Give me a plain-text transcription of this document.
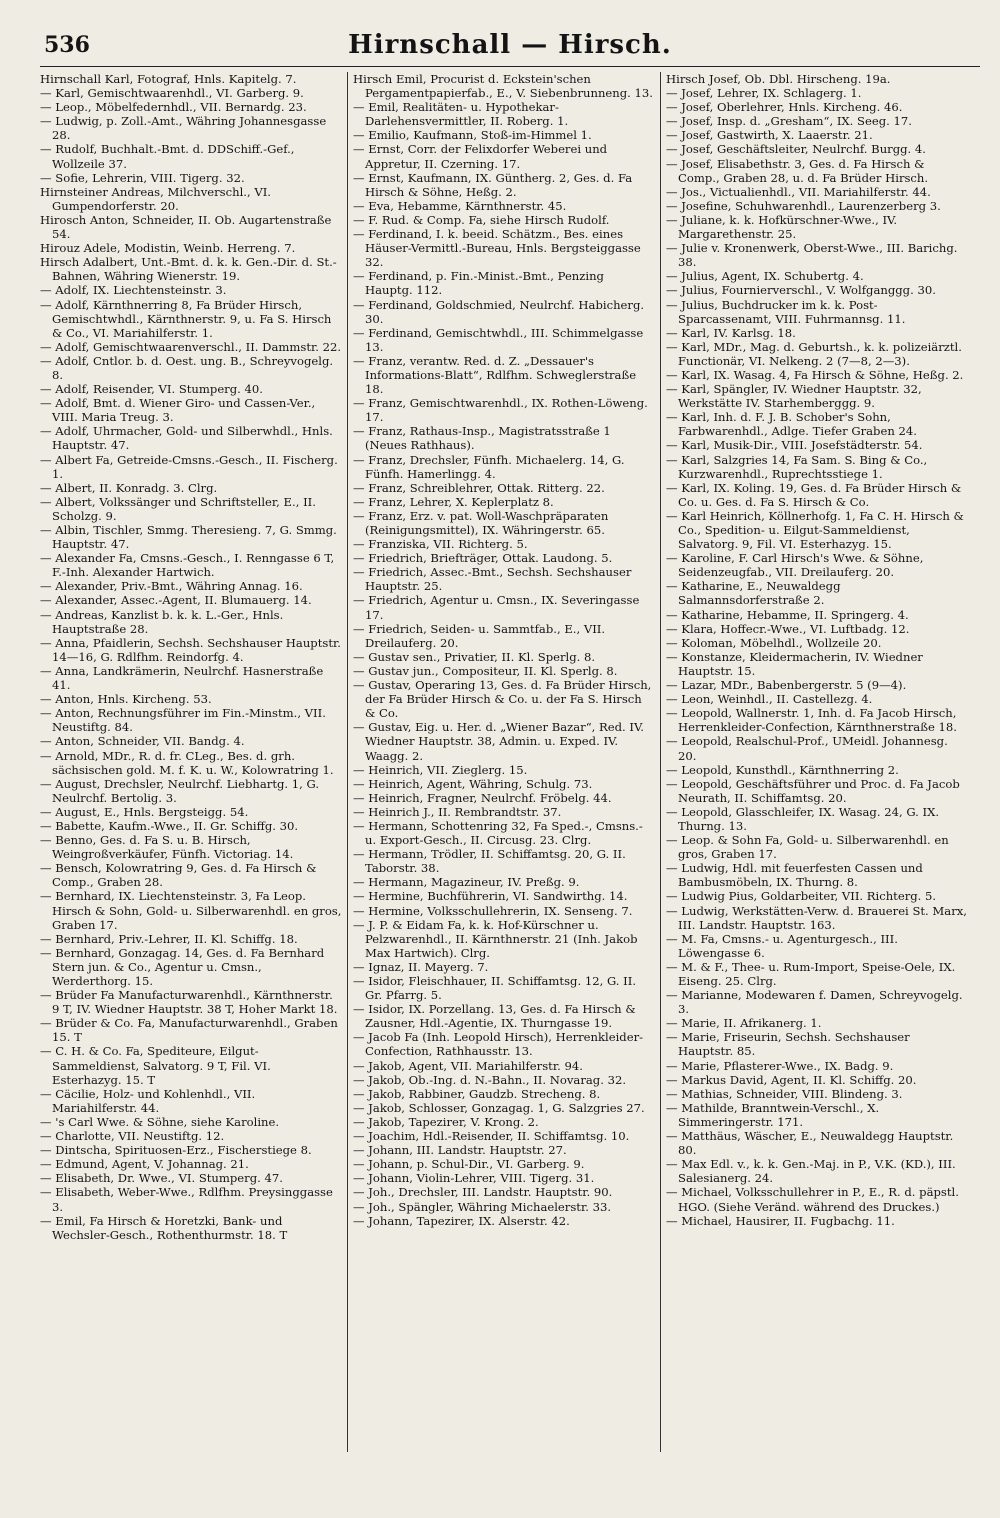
536	Hirnschall — Hirsch.
Hirnschall Karl, Fotograf, Hnls. Kapitelg. 7.
— Karl, Gemischtwaarenhdl., VI. Garberg. 9.
— Leop., Möbelfedernhdl., VII. Bernardg. 23.
— Ludwig, p. Zoll.-Amt., Währing Johannesgasse 28.
— Rudolf, Buchhalt.-Bmt. d. DDSchiff.-Gef., Wollzeile 37.
— Sofie, Lehrerin, VIII. Tigerg. 32.
Hirnsteiner Andreas, Milchverschl., VI. Gumpendorferstr. 20.
Hirosch Anton, Schneider, II. Ob. Augartenstraße 54.
Hirouz Adele, Modistin, Weinb. Herreng. 7.
Hirsch Adalbert, Unt.-Bmt. d. k. k. Gen.-Dir. d. St.-Bahnen, Währing Wienerstr. 19.
— Adolf, IX. Liechtensteinstr. 3.
— Adolf, Kärnthnerring 8, Fa Brüder Hirsch, Gemischtwhdl., Kärnthnerstr. 9, u. Fa S. Hirsch & Co., VI. Mariahilferstr. 1.
— Adolf, Gemischtwaarenverschl., II. Dammstr. 22.
— Adolf, Cntlor. b. d. Oest. ung. B., Schreyvogelg. 8.
— Adolf, Reisender, VI. Stumperg. 40.
— Adolf, Bmt. d. Wiener Giro- und Cassen-Ver., VIII. Maria Treug. 3.
— Adolf, Uhrmacher, Gold- und Silberwhdl., Hnls. Hauptstr. 47.
— Albert Fa, Getreide-Cmsns.-Gesch., II. Fischerg. 1.
— Albert, II. Konradg. 3. Clrg.
— Albert, Volkssänger und Schriftsteller, E., II. Scholzg. 9.
— Albin, Tischler, Smmg. Theresieng. 7, G. Smmg. Hauptstr. 47.
— Alexander Fa, Cmsns.-Gesch., I. Renngasse 6 T, F.-Inh. Alexander Hartwich.
— Alexander, Priv.-Bmt., Währing Annag. 16.
— Alexander, Assec.-Agent, II. Blumauerg. 14.
— Andreas, Kanzlist b. k. k. L.-Ger., Hnls. Hauptstraße 28.
— Anna, Pfaidlerin, Sechsh. Sechshauser Hauptstr. 14—16, G. Rdlfhm. Reindorfg. 4.
— Anna, Landkrämerin, Neulrchf. Hasnerstraße 41.
— Anton, Hnls. Kircheng. 53.
— Anton, Rechnungsführer im Fin.-Minstm., VII. Neustiftg. 84.
— Anton, Schneider, VII. Bandg. 4.
— Arnold, MDr., R. d. fr. CLeg., Bes. d. grh. sächsischen gold. M. f. K. u. W., Kolowratring 1.
— August, Drechsler, Neulrchf. Liebhartg. 1, G. Neulrchf. Bertolig. 3.
— August, E., Hnls. Bergsteigg. 54.
— Babette, Kaufm.-Wwe., II. Gr. Schiffg. 30.
— Benno, Ges. d. Fa S. u. B. Hirsch, Weingroßverkäufer, Fünfh. Victoriag. 14.
— Bensch, Kolowratring 9, Ges. d. Fa Hirsch & Comp., Graben 28.
— Bernhard, IX. Liechtensteinstr. 3, Fa Leop. Hirsch & Sohn, Gold- u. Silberwarenhdl. en gros, Graben 17.
— Bernhard, Priv.-Lehrer, II. Kl. Schiffg. 18.
— Bernhard, Gonzagag. 14, Ges. d. Fa Bernhard Stern jun. & Co., Agentur u. Cmsn., Werderthorg. 15.
— Brüder Fa Manufacturwarenhdl., Kärnthnerstr. 9 T, IV. Wiedner Hauptstr. 38 T, Hoher Markt 18.
— Brüder & Co. Fa, Manufacturwarenhdl., Graben 15. T
— C. H. & Co. Fa, Spediteure, Eilgut-Sammeldienst, Salvatorg. 9 T, Fil. VI. Esterhazyg. 15. T
— Cäcilie, Holz- und Kohlenhdl., VII. Mariahilferstr. 44.
— 's Carl Wwe. & Söhne, siehe Karoline.
— Charlotte, VII. Neustiftg. 12.
— Dintscha, Spirituosen-Erz., Fischerstiege 8.
— Edmund, Agent, V. Johannag. 21.
— Elisabeth, Dr. Wwe., VI. Stumperg. 47.
— Elisabeth, Weber-Wwe., Rdlfhm. Preysinggasse 3.
— Emil, Fa Hirsch & Horetzki, Bank- und Wechsler-Gesch., Rothenthurmstr. 18. T
Hirsch Emil, Procurist d. Eckstein'schen Pergamentpapierfab., E., V. Siebenbrunneng. 13.
— Emil, Realitäten- u. Hypothekar-Darlehensvermittler, II. Roberg. 1.
— Emilio, Kaufmann, Stoß-im-Himmel 1.
— Ernst, Corr. der Felixdorfer Weberei und Appretur, II. Czerning. 17.
— Ernst, Kaufmann, IX. Güntherg. 2, Ges. d. Fa Hirsch & Söhne, Heßg. 2.
— Eva, Hebamme, Kärnthnerstr. 45.
— F. Rud. & Comp. Fa, siehe Hirsch Rudolf.
— Ferdinand, I. k. beeid. Schätzm., Bes. eines Häuser-Vermittl.-Bureau, Hnls. Bergsteiggasse 32.
— Ferdinand, p. Fin.-Minist.-Bmt., Penzing Hauptg. 112.
— Ferdinand, Goldschmied, Neulrchf. Habicherg. 30.
— Ferdinand, Gemischtwhdl., III. Schimmelgasse 13.
— Franz, verantw. Red. d. Z. „Dessauer's Informations-Blatt“, Rdlfhm. Schweglerstraße 18.
— Franz, Gemischtwarenhdl., IX. Rothen-Löweng. 17.
— Franz, Rathaus-Insp., Magistratsstraße 1 (Neues Rathhaus).
— Franz, Drechsler, Fünfh. Michaelerg. 14, G. Fünfh. Hamerlingg. 4.
— Franz, Schreiblehrer, Ottak. Ritterg. 22.
— Franz, Lehrer, X. Keplerplatz 8.
— Franz, Erz. v. pat. Woll-Waschpräparaten (Reinigungsmittel), IX. Währingerstr. 65.
— Franziska, VII. Richterg. 5.
— Friedrich, Briefträger, Ottak. Laudong. 5.
— Friedrich, Assec.-Bmt., Sechsh. Sechshauser Hauptstr. 25.
— Friedrich, Agentur u. Cmsn., IX. Severingasse 17.
— Friedrich, Seiden- u. Sammtfab., E., VII. Dreilauferg. 20.
— Gustav sen., Privatier, II. Kl. Sperlg. 8.
— Gustav jun., Compositeur, II. Kl. Sperlg. 8.
— Gustav, Operaring 13, Ges. d. Fa Brüder Hirsch, der Fa Brüder Hirsch & Co. u. der Fa S. Hirsch & Co.
— Gustav, Eig. u. Her. d. „Wiener Bazar“, Red. IV. Wiedner Hauptstr. 38, Admin. u. Exped. IV. Waagg. 2.
— Heinrich, VII. Zieglerg. 15.
— Heinrich, Agent, Währing, Schulg. 73.
— Heinrich, Fragner, Neulrchf. Fröbelg. 44.
— Heinrich J., II. Rembrandtstr. 37.
— Hermann, Schottenring 32, Fa Sped.-, Cmsns.- u. Export-Gesch., II. Circusg. 23. Clrg.
— Hermann, Trödler, II. Schiffamtsg. 20, G. II. Taborstr. 38.
— Hermann, Magazineur, IV. Preßg. 9.
— Hermine, Buchführerin, VI. Sandwirthg. 14.
— Hermine, Volksschullehrerin, IX. Senseng. 7.
— J. P. & Eidam Fa, k. k. Hof-Kürschner u. Pelzwarenhdl., II. Kärnthnerstr. 21 (Inh. Jakob Max Hartwich). Clrg.
— Ignaz, II. Mayerg. 7.
— Isidor, Fleischhauer, II. Schiffamtsg. 12, G. II. Gr. Pfarrg. 5.
— Isidor, IX. Porzellang. 13, Ges. d. Fa Hirsch & Zausner, Hdl.-Agentie, IX. Thurngasse 19.
— Jacob Fa (Inh. Leopold Hirsch), Herrenkleider-Confection, Rathhausstr. 13.
— Jakob, Agent, VII. Mariahilferstr. 94.
— Jakob, Ob.-Ing. d. N.-Bahn., II. Novarag. 32.
— Jakob, Rabbiner, Gaudzb. Strecheng. 8.
— Jakob, Schlosser, Gonzagag. 1, G. Salzgries 27.
— Jakob, Tapezirer, V. Krong. 2.
— Joachim, Hdl.-Reisender, II. Schiffamtsg. 10.
— Johann, III. Landstr. Hauptstr. 27.
— Johann, p. Schul-Dir., VI. Garberg. 9.
— Johann, Violin-Lehrer, VIII. Tigerg. 31.
— Joh., Drechsler, III. Landstr. Hauptstr. 90.
— Joh., Spängler, Währing Michaelerstr. 33.
— Johann, Tapezirer, IX. Alserstr. 42.
Hirsch Josef, Ob. Dbl. Hirscheng. 19a.
— Josef, Lehrer, IX. Schlagerg. 1.
— Josef, Oberlehrer, Hnls. Kircheng. 46.
— Josef, Insp. d. „Gresham“, IX. Seeg. 17.
— Josef, Gastwirth, X. Laaerstr. 21.
— Josef, Geschäftsleiter, Neulrchf. Burgg. 4.
— Josef, Elisabethstr. 3, Ges. d. Fa Hirsch & Comp., Graben 28, u. d. Fa Brüder Hirsch.
— Jos., Victualienhdl., VII. Mariahilferstr. 44.
— Josefine, Schuhwarenhdl., Laurenzerberg 3.
— Juliane, k. k. Hofkürschner-Wwe., IV. Margarethenstr. 25.
— Julie v. Kronenwerk, Oberst-Wwe., III. Barichg. 38.
— Julius, Agent, IX. Schubertg. 4.
— Julius, Fournierverschl., V. Wolfganggg. 30.
— Julius, Buchdrucker im k. k. Post-Sparcassenamt, VIII. Fuhrmannsg. 11.
— Karl, IV. Karlsg. 18.
— Karl, MDr., Mag. d. Geburtsh., k. k. polizeiärztl. Functionär, VI. Nelkeng. 2 (7—8, 2—3).
— Karl, IX. Wasag. 4, Fa Hirsch & Söhne, Heßg. 2.
— Karl, Spängler, IV. Wiedner Hauptstr. 32, Werkstätte IV. Starhemberggg. 9.
— Karl, Inh. d. F. J. B. Schober's Sohn, Farbwarenhdl., Adlge. Tiefer Graben 24.
— Karl, Musik-Dir., VIII. Josefstädterstr. 54.
— Karl, Salzgries 14, Fa Sam. S. Bing & Co., Kurzwarenhdl., Ruprechtsstiege 1.
— Karl, IX. Koling. 19, Ges. d. Fa Brüder Hirsch & Co. u. Ges. d. Fa S. Hirsch & Co.
— Karl Heinrich, Köllnerhofg. 1, Fa C. H. Hirsch & Co., Spedition- u. Eilgut-Sammeldienst, Salvatorg. 9, Fil. VI. Esterhazyg. 15.
— Karoline, F. Carl Hirsch's Wwe. & Söhne, Seidenzeugfab., VII. Dreilauferg. 20.
— Katharine, E., Neuwaldegg Salmannsdorferstraße 2.
— Katharine, Hebamme, II. Springerg. 4.
— Klara, Hoffecr.-Wwe., VI. Luftbadg. 12.
— Koloman, Möbelhdl., Wollzeile 20.
— Konstanze, Kleidermacherin, IV. Wiedner Hauptstr. 15.
— Lazar, MDr., Babenbergerstr. 5 (9—4).
— Leon, Weinhdl., II. Castellezg. 4.
— Leopold, Wallnerstr. 1, Inh. d. Fa Jacob Hirsch, Herrenkleider-Confection, Kärnthnerstraße 18.
— Leopold, Realschul-Prof., UMeidl. Johannesg. 20.
— Leopold, Kunsthdl., Kärnthnerring 2.
— Leopold, Geschäftsführer und Proc. d. Fa Jacob Neurath, II. Schiffamtsg. 20.
— Leopold, Glasschleifer, IX. Wasag. 24, G. IX. Thurng. 13.
— Leop. & Sohn Fa, Gold- u. Silberwarenhdl. en gros, Graben 17.
— Ludwig, Hdl. mit feuerfesten Cassen und Bambusmöbeln, IX. Thurng. 8.
— Ludwig Pius, Goldarbeiter, VII. Richterg. 5.
— Ludwig, Werkstätten-Verw. d. Brauerei St. Marx, III. Landstr. Hauptstr. 163.
— M. Fa, Cmsns.- u. Agenturgesch., III. Löwengasse 6.
— M. & F., Thee- u. Rum-Import, Speise-Oele, IX. Eiseng. 25. Clrg.
— Marianne, Modewaren f. Damen, Schreyvogelg. 3.
— Marie, II. Afrikanerg. 1.
— Marie, Friseurin, Sechsh. Sechshauser Hauptstr. 85.
— Marie, Pflasterer-Wwe., IX. Badg. 9.
— Markus David, Agent, II. Kl. Schiffg. 20.
— Mathias, Schneider, VIII. Blindeng. 3.
— Mathilde, Branntwein-Verschl., X. Simmeringerstr. 171.
— Matthäus, Wäscher, E., Neuwaldegg Hauptstr. 80.
— Max Edl. v., k. k. Gen.-Maj. in P., V.K. (KD.), III. Salesianerg. 24.
— Michael, Volksschullehrer in P., E., R. d. päpstl. HGO. (Siehe Veränd. während des Druckes.)
— Michael, Hausirer, II. Fugbachg. 11.
